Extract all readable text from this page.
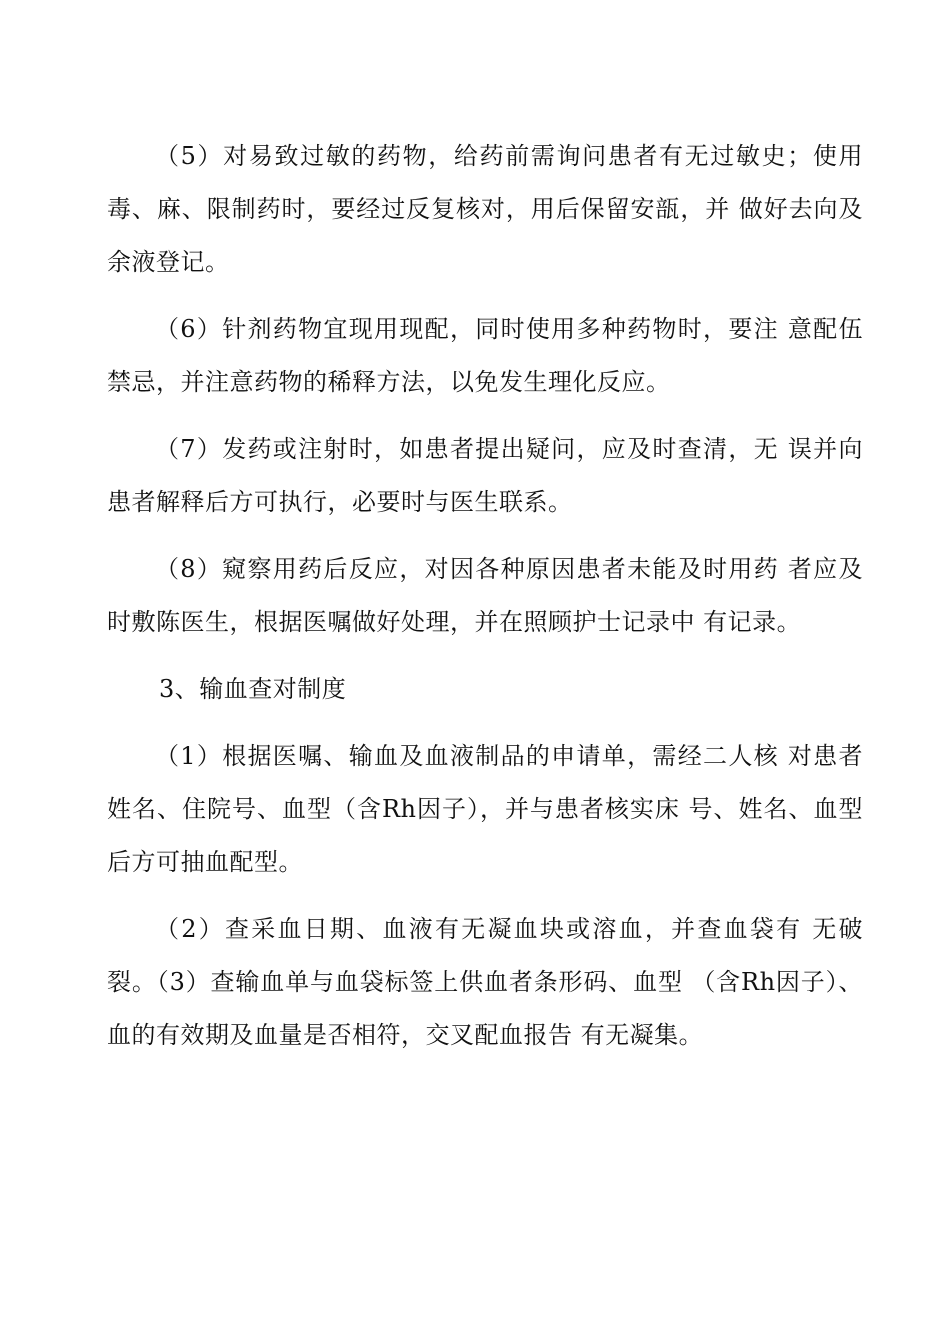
（5）对易致过敏的药物，给药前需询问患者有无过敏史；使用毒、麻、限制药时，要经过反复核对，用后保留安瓿，并 做好去向及余液登记。

（6）针剂药物宜现用现配，同时使用多种药物时，要注 意配伍禁忌，并注意药物的稀释方法，以免发生理化反应。

（7）发药或注射时，如患者提出疑问，应及时查清，无 误并向患者解释后方可执行，必要时与医生联系。

（8）窥察用药后反应，对因各种原因患者未能及时用药 者应及时敷陈医生，根据医嘱做好处理，并在照顾护士记录中 有记录。

3、输血查对制度

（1）根据医嘱、输血及血液制品的申请单，需经二人核 对患者姓名、住院号、血型（含Rh因子），并与患者核实床 号、姓名、血型后方可抽血配型。

（2）查采血日期、血液有无凝血块或溶血，并查血袋有 无破裂。（3）查输血单与血袋标签上供血者条形码、血型 （含Rh因子）、血的有效期及血量是否相符，交叉配血报告 有无凝集。
